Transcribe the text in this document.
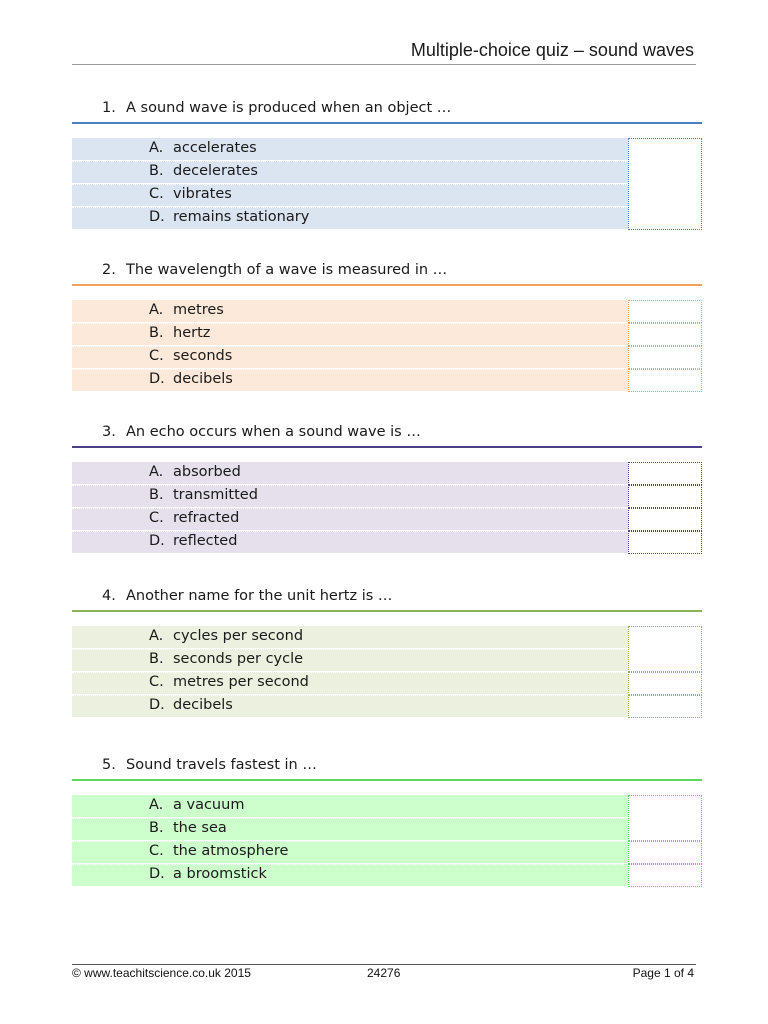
Multiple-choice quiz – sound waves
1. A sound wave is produced when an object …
A. accelerates
B. decelerates
C. vibrates
D. remains stationary
2. The wavelength of a wave is measured in …
A. metres
B. hertz
C. seconds
D. decibels
3. An echo occurs when a sound wave is …
A. absorbed
B. transmitted
C. refracted
D. reflected
4. Another name for the unit hertz is …
A. cycles per second
B. seconds per cycle
C. metres per second
D. decibels
5. Sound travels fastest in …
A. a vacuum
B. the sea
C. the atmosphere
D. a broomstick
© www.teachitscience.co.uk 2015	24276	Page 1 of 4
